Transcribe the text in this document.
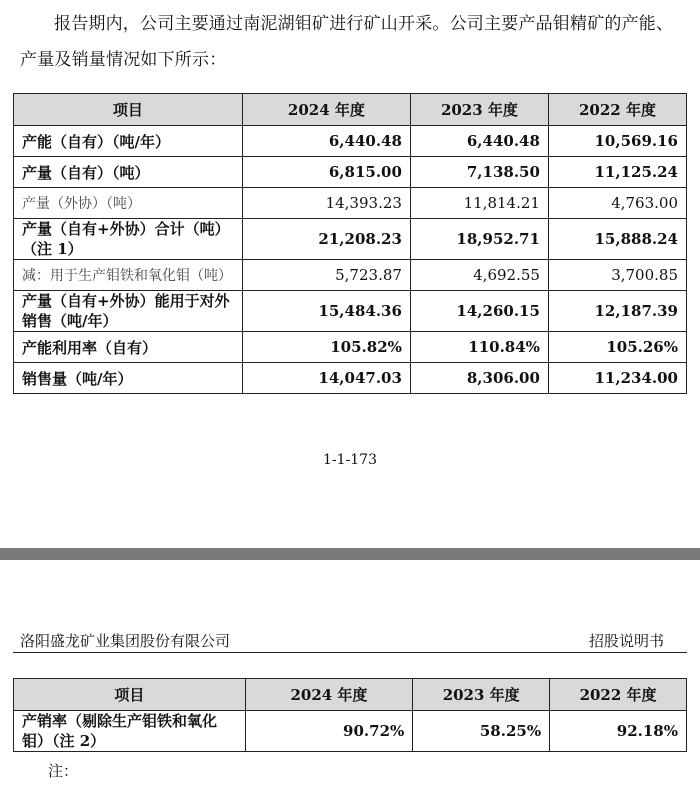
报告期内，公司主要通过南泥湖钼矿进行矿山开采。公司主要产品钼精矿的产能、产量及销量情况如下所示：

项目	2024 年度	2023 年度	2022 年度
产能（自有）（吨/年）	6,440.48	6,440.48	10,569.16
产量（自有）（吨）	6,815.00	7,138.50	11,125.24
产量（外协）（吨）	14,393.23	11,814.21	4,763.00
产量（自有+外协）合计（吨）（注 1）	21,208.23	18,952.71	15,888.24
减：用于生产钼铁和氧化钼（吨）	5,723.87	4,692.55	3,700.85
产量（自有+外协）能用于对外销售（吨/年）	15,484.36	14,260.15	12,187.39
产能利用率（自有）	105.82%	110.84%	105.26%
销售量（吨/年）	14,047.03	8,306.00	11,234.00
1-1-173
洛阳盛龙矿业集团股份有限公司	招股说明书
项目	2024 年度	2023 年度	2022 年度
产销率（剔除生产钼铁和氧化钼）（注 2）	90.72%	58.25%	92.18%
注：
